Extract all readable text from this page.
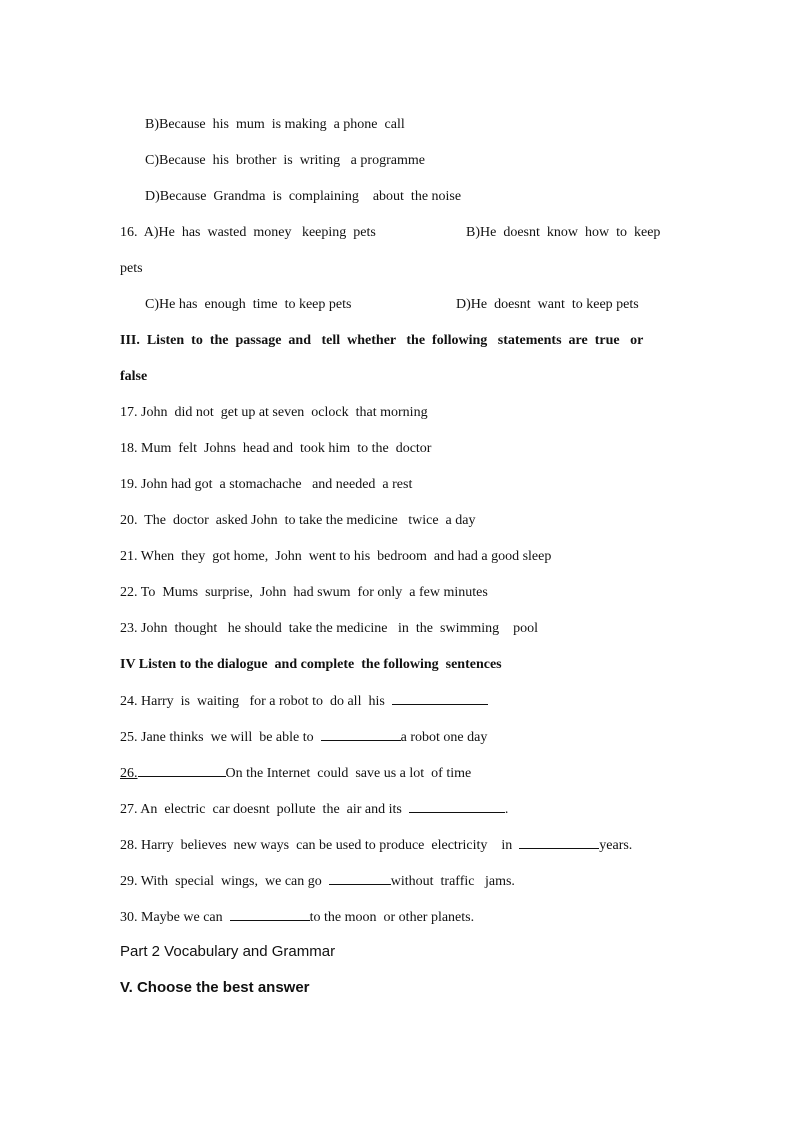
B)Because  his  mum  is making  a phone  call
C)Because  his  brother  is  writing   a programme
D)Because  Grandma  is  complaining    about  the noise
16.  A)He  has  wasted  money   keeping  pets	B)He  doesnt  know  how  to  keep
pets
C)He has  enough  time  to keep pets	D)He  doesnt  want  to keep pets
III.  Listen  to  the  passage  and   tell  whether   the  following   statements  are  true   or
false
17. John  did not  get up at seven  oclock  that morning
18. Mum  felt  Johns  head and  took him  to the  doctor
19. John had got  a stomachache   and needed  a rest
20.  The  doctor  asked John  to take the medicine   twice  a day
21. When  they  got home,  John  went to his  bedroom  and had a good sleep
22. To  Mums  surprise,  John  had swum  for only  a few minutes
23. John  thought   he should  take the medicine   in  the  swimming    pool
IV Listen to the dialogue  and complete  the following  sentences
24. Harry  is  waiting   for a robot to  do all  his
25. Jane thinks  we will  be able to	a robot one day
26.	On the Internet  could  save us a lot  of time
27. An  electric  car doesnt  pollute  the  air and its	.
28. Harry  believes  new ways  can be used to produce  electricity    in	years.
29. With  special  wings,  we can go	without  traffic   jams.
30. Maybe we can	to the moon  or other planets.
Part 2 Vocabulary and Grammar
V. Choose the best answer
